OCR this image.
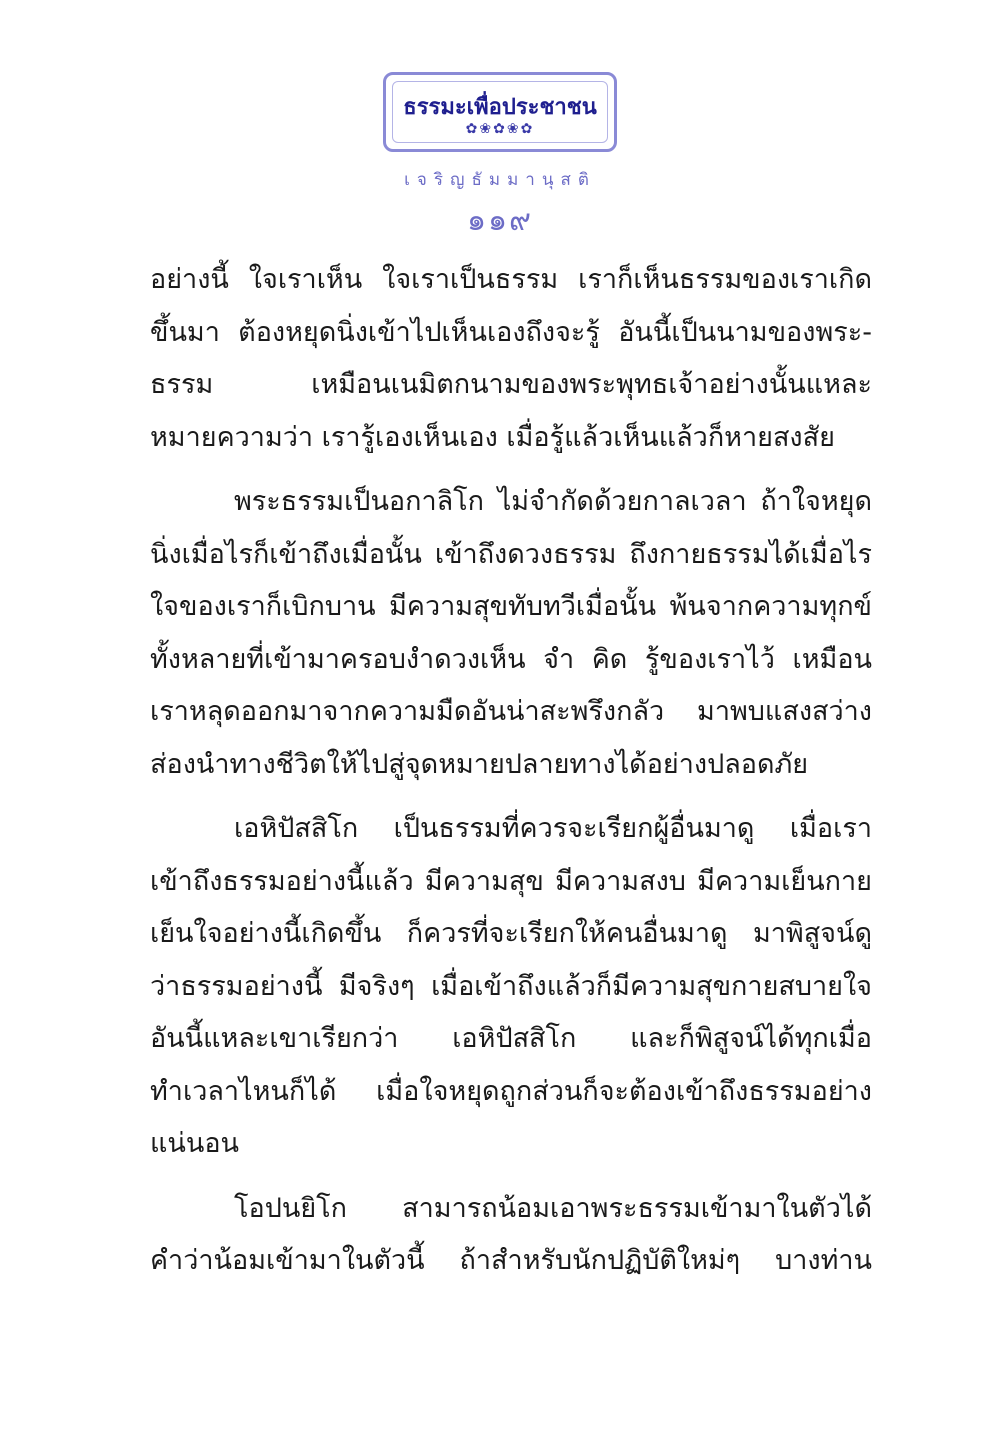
ธรรมะเพื่อประชาชน
✿❀✿❀✿
เจริญธัมมานุสติ
๑๑๙
อย่างนี้ ใจเราเห็น ใจเราเป็นธรรม เราก็เห็นธรรมของเราเกิด
ขึ้นมา ต้องหยุดนิ่งเข้าไปเห็นเองถึงจะรู้ อันนี้เป็นนามของพระ-
ธรรม เหมือนเนมิตกนามของพระพุทธเจ้าอย่างนั้นแหละ
หมายความว่า เรารู้เองเห็นเอง เมื่อรู้แล้วเห็นแล้วก็หายสงสัย
พระธรรมเป็นอกาลิโก ไม่จำกัดด้วยกาลเวลา ถ้าใจหยุด
นิ่งเมื่อไรก็เข้าถึงเมื่อนั้น เข้าถึงดวงธรรม ถึงกายธรรมได้เมื่อไร
ใจของเราก็เบิกบาน มีความสุขทับทวีเมื่อนั้น พ้นจากความทุกข์
ทั้งหลายที่เข้ามาครอบงำดวงเห็น จำ คิด รู้ของเราไว้ เหมือน
เราหลุดออกมาจากความมืดอันน่าสะพรึงกลัว มาพบแสงสว่าง
ส่องนำทางชีวิตให้ไปสู่จุดหมายปลายทางได้อย่างปลอดภัย
เอหิปัสสิโก เป็นธรรมที่ควรจะเรียกผู้อื่นมาดู เมื่อเรา
เข้าถึงธรรมอย่างนี้แล้ว มีความสุข มีความสงบ มีความเย็นกาย
เย็นใจอย่างนี้เกิดขึ้น ก็ควรที่จะเรียกให้คนอื่นมาดู มาพิสูจน์ดู
ว่าธรรมอย่างนี้ มีจริงๆ เมื่อเข้าถึงแล้วก็มีความสุขกายสบายใจ
อันนี้แหละเขาเรียกว่า เอหิปัสสิโก และก็พิสูจน์ได้ทุกเมื่อ
ทำเวลาไหนก็ได้ เมื่อใจหยุดถูกส่วนก็จะต้องเข้าถึงธรรมอย่าง
แน่นอน
โอปนยิโก สามารถน้อมเอาพระธรรมเข้ามาในตัวได้
คำว่าน้อมเข้ามาในตัวนี้ ถ้าสำหรับนักปฏิบัติใหม่ๆ บางท่าน
